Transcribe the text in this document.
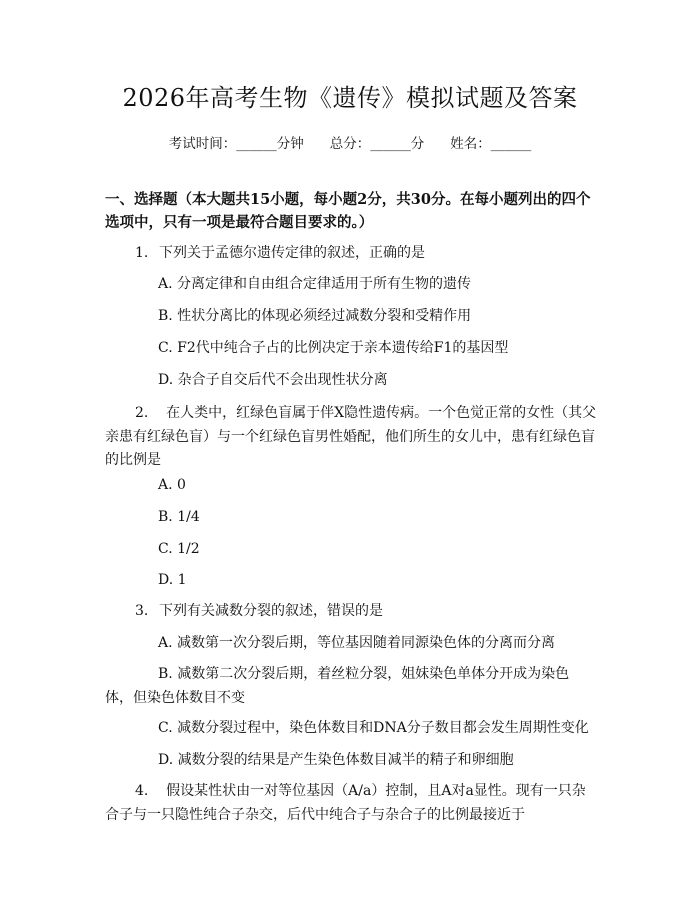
2026年高考生物《遗传》模拟试题及答案
考试时间：______分钟 总分：______分 姓名：______
一、选择题（本大题共15小题，每小题2分，共30分。在每小题列出的四个选项中，只有一项是最符合题目要求的。）
1. 下列关于孟德尔遗传定律的叙述，正确的是
A. 分离定律和自由组合定律适用于所有生物的遗传
B. 性状分离比的体现必须经过减数分裂和受精作用
C. F2代中纯合子占的比例决定于亲本遗传给F1的基因型
D. 杂合子自交后代不会出现性状分离
2. 在人类中，红绿色盲属于伴X隐性遗传病。一个色觉正常的女性（其父亲患有红绿色盲）与一个红绿色盲男性婚配，他们所生的女儿中，患有红绿色盲的比例是
A. 0
B. 1/4
C. 1/2
D. 1
3. 下列有关减数分裂的叙述，错误的是
A. 减数第一次分裂后期，等位基因随着同源染色体的分离而分离
B. 减数第二次分裂后期，着丝粒分裂，姐妹染色单体分开成为染色体，但染色体数目不变
C. 减数分裂过程中，染色体数目和DNA分子数目都会发生周期性变化
D. 减数分裂的结果是产生染色体数目减半的精子和卵细胞
4. 假设某性状由一对等位基因（A/a）控制，且A对a显性。现有一只杂合子与一只隐性纯合子杂交，后代中纯合子与杂合子的比例最接近于
